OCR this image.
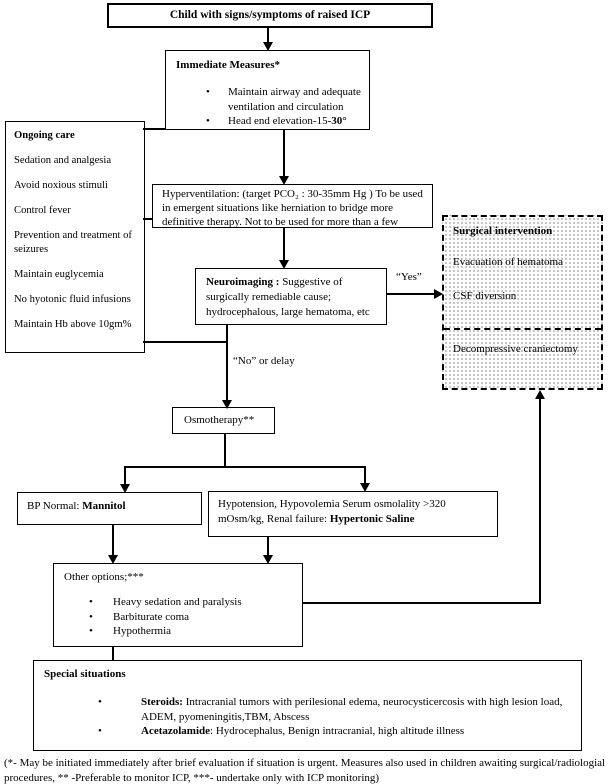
Child with signs/symptoms of raised ICP
Immediate Measures*
• Maintain airway and adequate ventilation and circulation
• Head end elevation-15-30°

Ongoing care

Sedation and analgesia

Avoid noxious stimuli

Control fever

Prevention and treatment of seizures

Maintain euglycemia

No hyotonic fluid infusions

Maintain Hb above 10gm%

Hyperventilation: (target PCO₂ : 30-35mm Hg ) To be used in emergent situations like herniation to bridge more definitive therapy. Not to be used for more than a few
Neuroimaging : Suggestive of surgically remediable cause; hydrocephalous, large hematoma, etc

Surgical intervention

Evacuation of hematoma

CSF diversion

Decompressive craniectomy
Osmotherapy**
BP Normal: Mannitol	Hypotension, Hypovolemia Serum osmolality >320 mOsm/kg, Renal failure: Hypertonic Saline
Other options;***
• Heavy sedation and paralysis
• Barbiturate coma
• Hypothermia
Special situations
• Steroids: Intracranial tumors with perilesional edema, neurocysticercosis with high lesion load, ADEM, pyomeningitis,TBM, Abscess
• Acetazolamide: Hydrocephalus, Benign intracranial, high altitude illness
(*- May be initiated immediately after brief evaluation if situation is urgent. Measures also used in children awaiting surgical/radiologial procedures, ** -Preferable to monitor ICP, ***- undertake only with ICP monitoring)
“Yes”
“No” or delay
